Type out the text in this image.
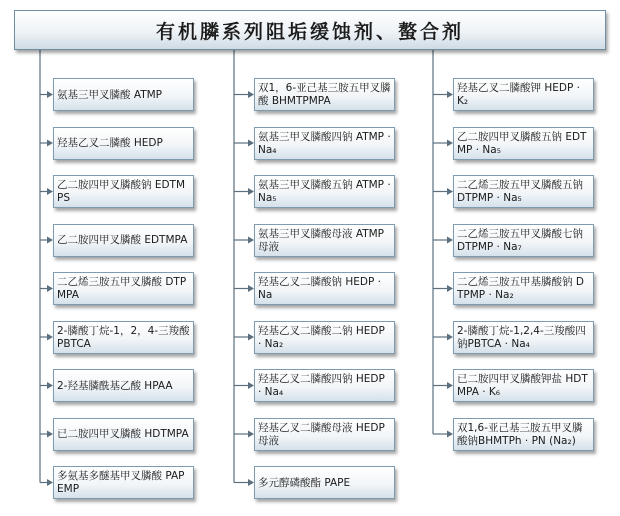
有机膦系列阻垢缓蚀剂、螯合剂
氨基三甲叉膦酸 ATMP
羟基乙叉二膦酸 HEDP
乙二胺四甲叉膦酸钠 EDTMPS
乙二胺四甲叉膦酸 EDTMPA
二乙烯三胺五甲叉膦酸 DTPMPA
2-膦酸丁烷-1，2，4-三羧酸 PBTCA
2-羟基膦酰基乙酸 HPAA
已二胺四甲叉膦酸 HDTMPA
多氨基多醚基甲叉膦酸 PAPEMP
双1，6-亚己基三胺五甲叉膦酸 BHMTPMPA
氨基三甲叉膦酸四钠 ATMP · Na₄
氨基三甲叉膦酸五钠 ATMP · Na₅
氨基三甲叉膦酸母液 ATMP母液
羟基乙叉二膦酸钠 HEDP · Na
羟基乙叉二膦酸二钠 HEDP · Na₂
羟基乙叉二膦酸四钠 HEDP · Na₄
羟基乙叉二膦酸母液 HEDP母液
多元醇磷酸酯 PAPE
羟基乙叉二膦酸钾 HEDP · K₂
乙二胺四甲叉膦酸五钠 EDTMP · Na₅
二乙烯三胺五甲叉膦酸五钠 DTPMP · Na₅
二乙烯三胺五甲叉膦酸七钠 DTPMP · Na₇
二乙烯三胺五甲基膦酸钠 DTPMP · Na₂
2-膦酸丁烷-1,2,4-三羧酸四钠PBTCA · Na₄
已二胺四甲叉膦酸钾盐 HDTMPA · K₆
双1,6-亚己基三胺五甲叉膦酸钠BHMTPh · PN (Na₂)
